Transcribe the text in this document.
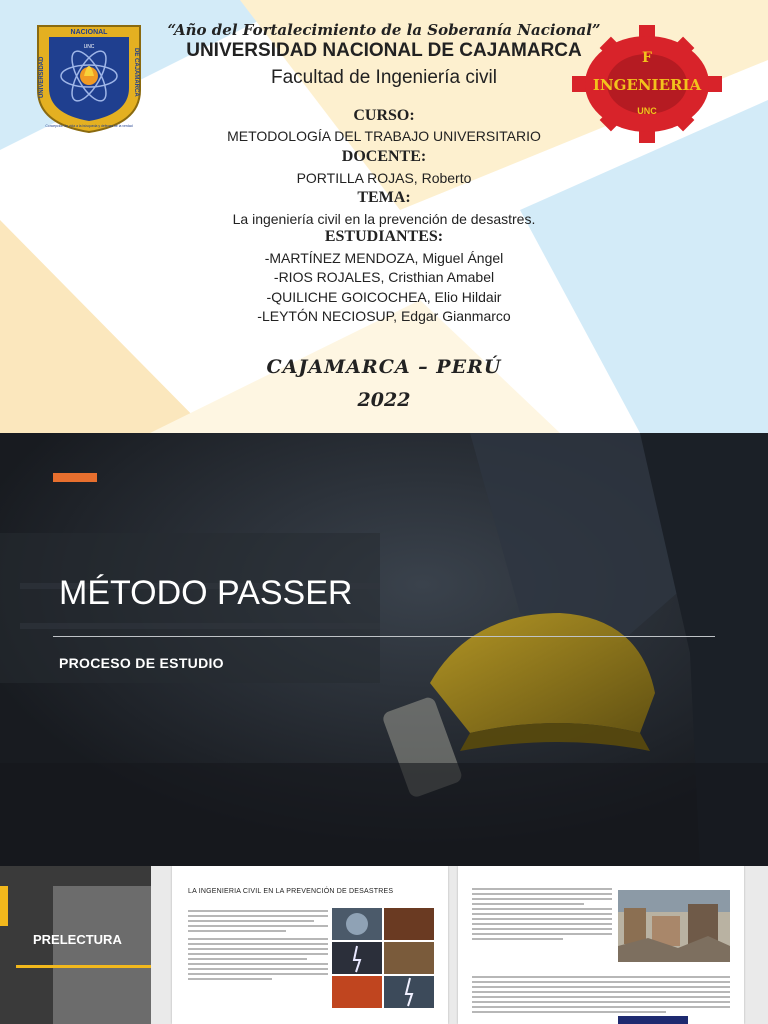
NACIONAL
UNC
UNIVERSIDAD	DE CAJAMARCA
Concepción de vida a la búsqueda y defensa de la verdad
F
INGENIERIA
UNC
“Año del Fortalecimiento de la Soberanía Nacional”
UNIVERSIDAD NACIONAL DE CAJAMARCA
Facultad de Ingeniería civil
CURSO:
METODOLOGÍA DEL TRABAJO UNIVERSITARIO
DOCENTE:
PORTILLA ROJAS, Roberto
TEMA:
La ingeniería civil en la prevención de desastres.
ESTUDIANTES:
-MARTÍNEZ MENDOZA, Miguel Ángel
-RIOS ROJALES, Cristhian Amabel
-QUILICHE GOICOCHEA, Elio Hildair
-LEYTÓN NECIOSUP, Edgar Gianmarco
CAJAMARCA – PERÚ
2022
MÉTODO PASSER
PROCESO DE ESTUDIO
PRELECTURA
LA INGENIERIA CIVIL EN LA PREVENCIÓN DE DESASTRES
